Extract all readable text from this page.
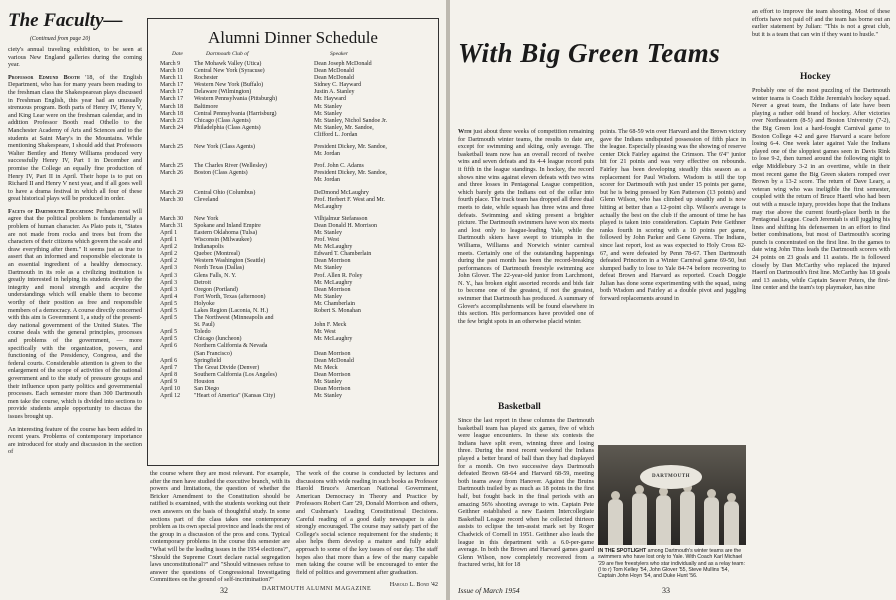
The Faculty—
(Continued from page 20)

ciety's annual traveling exhibition, to be seen at various New England galleries during the coming year.

Professor Edmund Booth '18, of the English Department, who has for many years been reading to the freshman class the Shakespearean plays discussed in Freshman English, this year had an unusually strenuous program. Both parts of Henry IV, Henry V, and King Lear were on the freshman calendar, and in addition Professor Booth read Othello to the Manchester Academy of Arts and Sciences and to the students at Saint Mary's in the Mountains. While mentioning Shakespeare, I should add that Professors Walter Bentley and Henry Williams produced very successfully Henry IV, Part I in December and promise the College an equally fine production of Henry IV, Part II in April. Their hope is to put on Richard II and Henry V next year, and if all goes well to have a drama festival in which all four of these great historical plays will be produced in order.

Facets of Dartmouth Education: Perhaps most will agree that the political problem is fundamentally a problem of human character. As Plato puts it, "States are not made from rocks and trees but from the characters of their citizens which govern the scale and draw everything after them." It seems just as true to assert that an informed and responsible electorate is an essential ingredient of a healthy democracy. Dartmouth in its role as a civilizing institution is greatly interested in helping its students develop the integrity and moral strength and acquire the understandings which will enable them to become worthy of their position as free and responsible members of a democracy. A course directly concerned with this aim is Government 1, a study of the present-day national government of the United States. The course deals with the general principles, processes and problems of the government, — more specifically with the organization, powers, and functioning of the Presidency, Congress, and the federal courts. Considerable attention is given to the enlargement of the scope of activities of the national government and to the study of pressure groups and their influence upon party politics and governmental processes. Each semester more than 300 Dartmouth men take the course, which is divided into sections to provide students ample opportunity to discuss the issues brought up.

An interesting feature of the course has been added in recent years. Problems of contemporary importance are introduced for study and discussion in the section of

Alumni Dinner Schedule
Date	Dartmouth Club of	Speaker
March 9	The Mohawk Valley (Utica)	Dean Joseph McDonald
March 10	Central New York (Syracuse)	Dean McDonald
March 11	Rochester	Dean McDonald
March 17	Western New York (Buffalo)	Sidney C. Hayward
March 17	Delaware (Wilmington)	Justin A. Stanley
March 17	Western Pennsylvania (Pittsburgh)	Mr. Hayward
March 18	Baltimore	Mr. Stanley
March 18	Central Pennsylvania (Harrisburg)	Mr. Stanley
March 23	Chicago (Class Agents)	Mr. Stanley, Nichol Sandoe Jr.
March 24	Philadelphia (Class Agents)	Mr. Stanley, Mr. Sandoe,
Clifford L. Jordan
March 25	New York (Class Agents)	President Dickey, Mr. Sandoe,
Mr. Jordan
March 25	The Charles River (Wellesley)	Prof. John C. Adams
March 26	Boston (Class Agents)	President Dickey, Mr. Sandoe,
Mr. Jordan
March 29	Central Ohio (Columbus)	DeDmond McLaughry
March 30	Cleveland	Prof. Herbert F. West and Mr.
McLaughry
March 30	New York	Vilhjalmur Stefansson
March 31	Spokane and Inland Empire	Dean Donald H. Morrison
April 1	Eastern Oklahoma (Tulsa)	Mr. Stanley
April 1	Wisconsin (Milwaukee)	Prof. West
April 2	Indianapolis	Mr. McLaughry
April 2	Quebec (Montreal)	Edward T. Chamberlain
April 2	Western Washington (Seattle)	Dean Morrison
April 3	North Texas (Dallas)	Mr. Stanley
April 3	Glens Falls, N. Y.	Prof. Allen R. Foley
April 3	Detroit	Mr. McLaughry
April 3	Oregon (Portland)	Dean Morrison
April 4	Fort Worth, Texas (afternoon)	Mr. Stanley
April 5	Holyoke	Mr. Chamberlain
April 5	Lakes Region (Laconia, N. H.)	Robert S. Monahan
April 5	The Northwest (Minneapolis and
St. Paul)	John F. Meck
April 5	Toledo	Mr. West
April 5	Chicago (luncheon)	Mr. McLaughry
April 6	Northern California & Nevada
(San Francisco)	Dean Morrison
April 6	Springfield	Dean McDonald
April 7	The Great Divide (Denver)	Mr. Meck
April 8	Southern California (Los Angeles)	Dean Morrison
April 9	Houston	Mr. Stanley
April 10	San Diego	Dean Morrison
April 12	"Heart of America" (Kansas City)	Mr. Stanley

the course where they are most relevant. For example, after the men have studied the executive branch, with its powers and limitations, the question of whether the Bricker Amendment to the Constitution should be ratified is examined, with the students working out their own answers on the basis of thoughtful study. In some sections part of the class takes one contemporary problem as its own special province and leads the rest of the group in a discussion of the pros and cons. Typical contemporary problems in the course this semester are "What will be the leading issues in the 1954 elections?", "Should the Supreme Court declare racial segregation laws unconstitutional?" and "Should witnesses refuse to answer the questions of Congressional Investigating Committees on the ground of self-incrimination?"

The work of the course is conducted by lectures and discussions with wide reading in such books as Professor Harold Bruce's American National Government, American Democracy in Theory and Practice by Professors Robert Carr '29, Donald Morrison and others, and Cushman's Leading Constitutional Decisions. Careful reading of a good daily newspaper is also strongly encouraged. The course may satisfy part of the College's social science requirement for the students; it also helps them develop a mature and fully adult approach to some of the key issues of our day. The staff hopes also that more than a few of the many capable men taking the course will be encouraged to enter the field of politics and government after graduation.

Harold L. Bond '42

32	DARTMOUTH ALUMNI MAGAZINE
With Big Green Teams

With just about three weeks of competition remaining for Dartmouth winter teams, the results to date are, except for swimming and skiing, only average. The basketball team now has an overall record of twelve wins and seven defeats and its 4-4 league record puts it fifth in the league standings. In hockey, the record shows nine wins against eleven defeats with two wins and three losses in Pentagonal League competition, which barely gets the Indians out of the cellar into fourth place. The track team has dropped all three dual meets to date, while squash has three wins and three defeats. Swimming and skiing present a brighter picture. The Dartmouth swimmers have won six meets and lost only to league-leading Yale, while the Dartmouth skiers have swept to triumphs in the Williams, Williams and Norwich winter carnival meets. Certainly one of the outstanding happenings during the past month has been the record-breaking performances of Dartmouth freestyle swimming ace John Glover. The 22-year-old junior from Larchmont, N. Y., has broken eight assorted records and bids fair to become one of the greatest, if not the greatest, swimmer that Dartmouth has produced. A summary of Glover's accomplishments will be found elsewhere in this section. His performances have provided one of the few bright spots in an otherwise placid winter.

Basketball

Since the last report in these columns the Dartmouth basketball team has played six games, five of which were league encounters. In these six contests the Indians have split even, winning three and losing three. During the most recent weekend the Indians played a better brand of ball than they had displayed for a month. On two successive days Dartmouth defeated Brown 68-64 and Harvard 68-59, meeting both teams away from Hanover. Against the Bruins Dartmouth trailed by as much as 18 points in the first half, but fought back in the final periods with an amazing 56% shooting average to win. Captain Pete Geithner established a new Eastern Intercollegiate Basketball League record when he collected thirteen assists to eclipse the ten-assist mark set by Roger Chadwick of Cornell in 1951. Geithner also leads the league in this department with a 6.0-per-game average. In both the Brown and Harvard games guard Glenn Wilson, now completely recovered from a fractured wrist, hit for 18

points. The 68-59 win over Harvard and the Brown victory gave the Indians undisputed possession of fifth place in the league. Especially pleasing was the showing of reserve center Dick Fairley against the Crimson. The 6'4" junior hit for 21 points and was very effective on rebounds. Fairley has been developing steadily this season as a replacement for Paul Wisdom. Wisdom is still the top scorer for Dartmouth with just under 15 points per game, but he is being pressed by Ken Patterson (13 points) and Glenn Wilson, who has climbed up steadily and is now hitting at better than a 12-point clip. Wilson's average is actually the best on the club if the amount of time he has played is taken into consideration. Captain Pete Geithner ranks fourth in scoring with a 10 points per game, followed by John Parker and Gene Givens. The Indians, since last report, lost as was expected to Holy Cross 82-67, and were defeated by Penn 78-67. Then Dartmouth defeated Princeton in a Winter Carnival game 69-50, but slumped badly to lose to Yale 84-74 before recovering to defeat Brown and Harvard as reported. Coach Doggie Julian has done some experimenting with the squad, using both Wisdom and Fairley at a double pivot and juggling forward replacements around in

an effort to improve the team shooting. Most of these efforts have not paid off and the team has borne out an earlier statement by Julian: "This is not a great club, but it is a team that can win if they want to hustle."

Hockey

Probably one of the most puzzling of the Dartmouth winter teams is Coach Eddie Jeremiah's hockey squad. Never a great team, the Indians of late have been playing a rather odd brand of hockey. After victories over Northeastern (8-5) and Boston University (7-2), the Big Green lost a hard-fought Carnival game to Boston College 4-2 and gave Harvard a scare before losing 6-4. One week later against Yale the Indians played one of the sloppiest games seen in Davis Rink to lose 9-2, then turned around the following night to edge Middlebury 3-2 in an overtime, while in their most recent game the Big Green skaters romped over Brown by a 13-2 score. The return of Dave Leary, a veteran wing who was ineligible the first semester, coupled with the return of Bruce Haertl who had been out with a muscle injury, provides hope that the Indians may rise above the current fourth-place berth in the Pentagonal League. Coach Jeremiah is still juggling his lines and shifting his defensemen in an effort to find better combinations, but most of Dartmouth's scoring punch is concentrated on the first line. In the games to date wing John Titus leads the Dartmouth scorers with 24 points on 23 goals and 11 assists. He is followed closely by Dan McCarthy who replaced the injured Haertl on Dartmouth's first line. McCarthy has 18 goals and 13 assists, while Captain Seaver Peters, the first-line center and the team's top playmaker, has nine

DARTMOUTH
IN THE SPOTLIGHT among Dartmouth's winter teams are the swimmers who have lost only to Yale. With Coach Karl Michael '29 are five freestylers who star individually and as a relay team: (l to r) Tom Kelley '54, John Glover '55, Steve Mullins '54, Captain John Hoyn '54, and Duke Hunt '56.
Issue of March 1954	33
